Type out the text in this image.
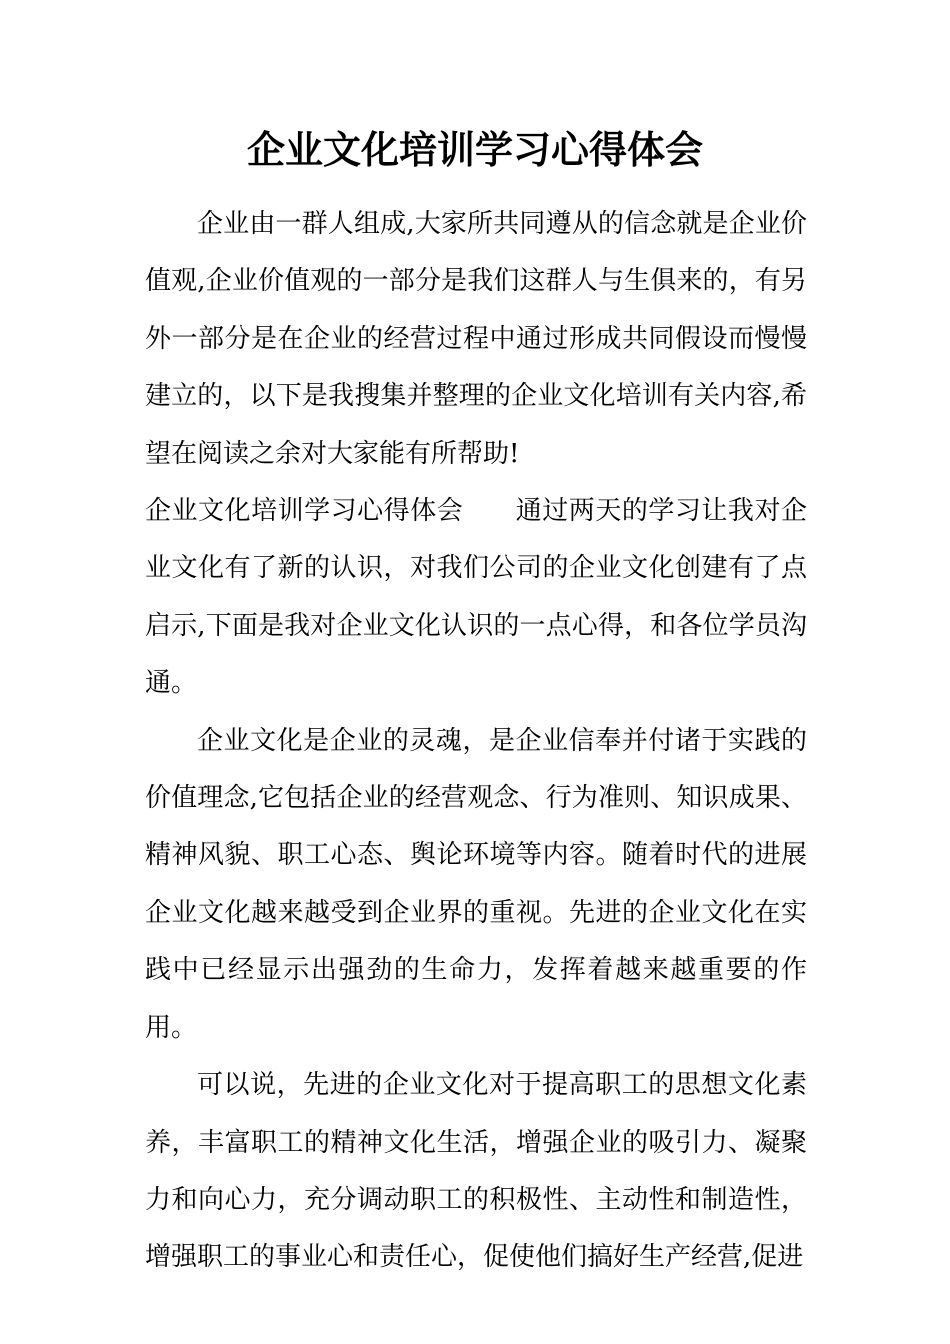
企业文化培训学习心得体会

企业由一群人组成,大家所共同遵从的信念就是企业价值观,企业价值观的一部分是我们这群人与生俱来的，有另外一部分是在企业的经营过程中通过形成共同假设而慢慢建立的，以下是我搜集并整理的企业文化培训有关内容,希望在阅读之余对大家能有所帮助!

企业文化培训学习心得体会 通过两天的学习让我对企业文化有了新的认识，对我们公司的企业文化创建有了点启示,下面是我对企业文化认识的一点心得，和各位学员沟通。

企业文化是企业的灵魂，是企业信奉并付诸于实践的价值理念,它包括企业的经营观念、行为准则、知识成果、精神风貌、职工心态、舆论环境等内容。随着时代的进展企业文化越来越受到企业界的重视。先进的企业文化在实践中已经显示出强劲的生命力，发挥着越来越重要的作用。

可以说，先进的企业文化对于提高职工的思想文化素养，丰富职工的精神文化生活，增强企业的吸引力、凝聚力和向心力，充分调动职工的积极性、主动性和制造性，增强职工的事业心和责任心，促使他们搞好生产经营,促进
